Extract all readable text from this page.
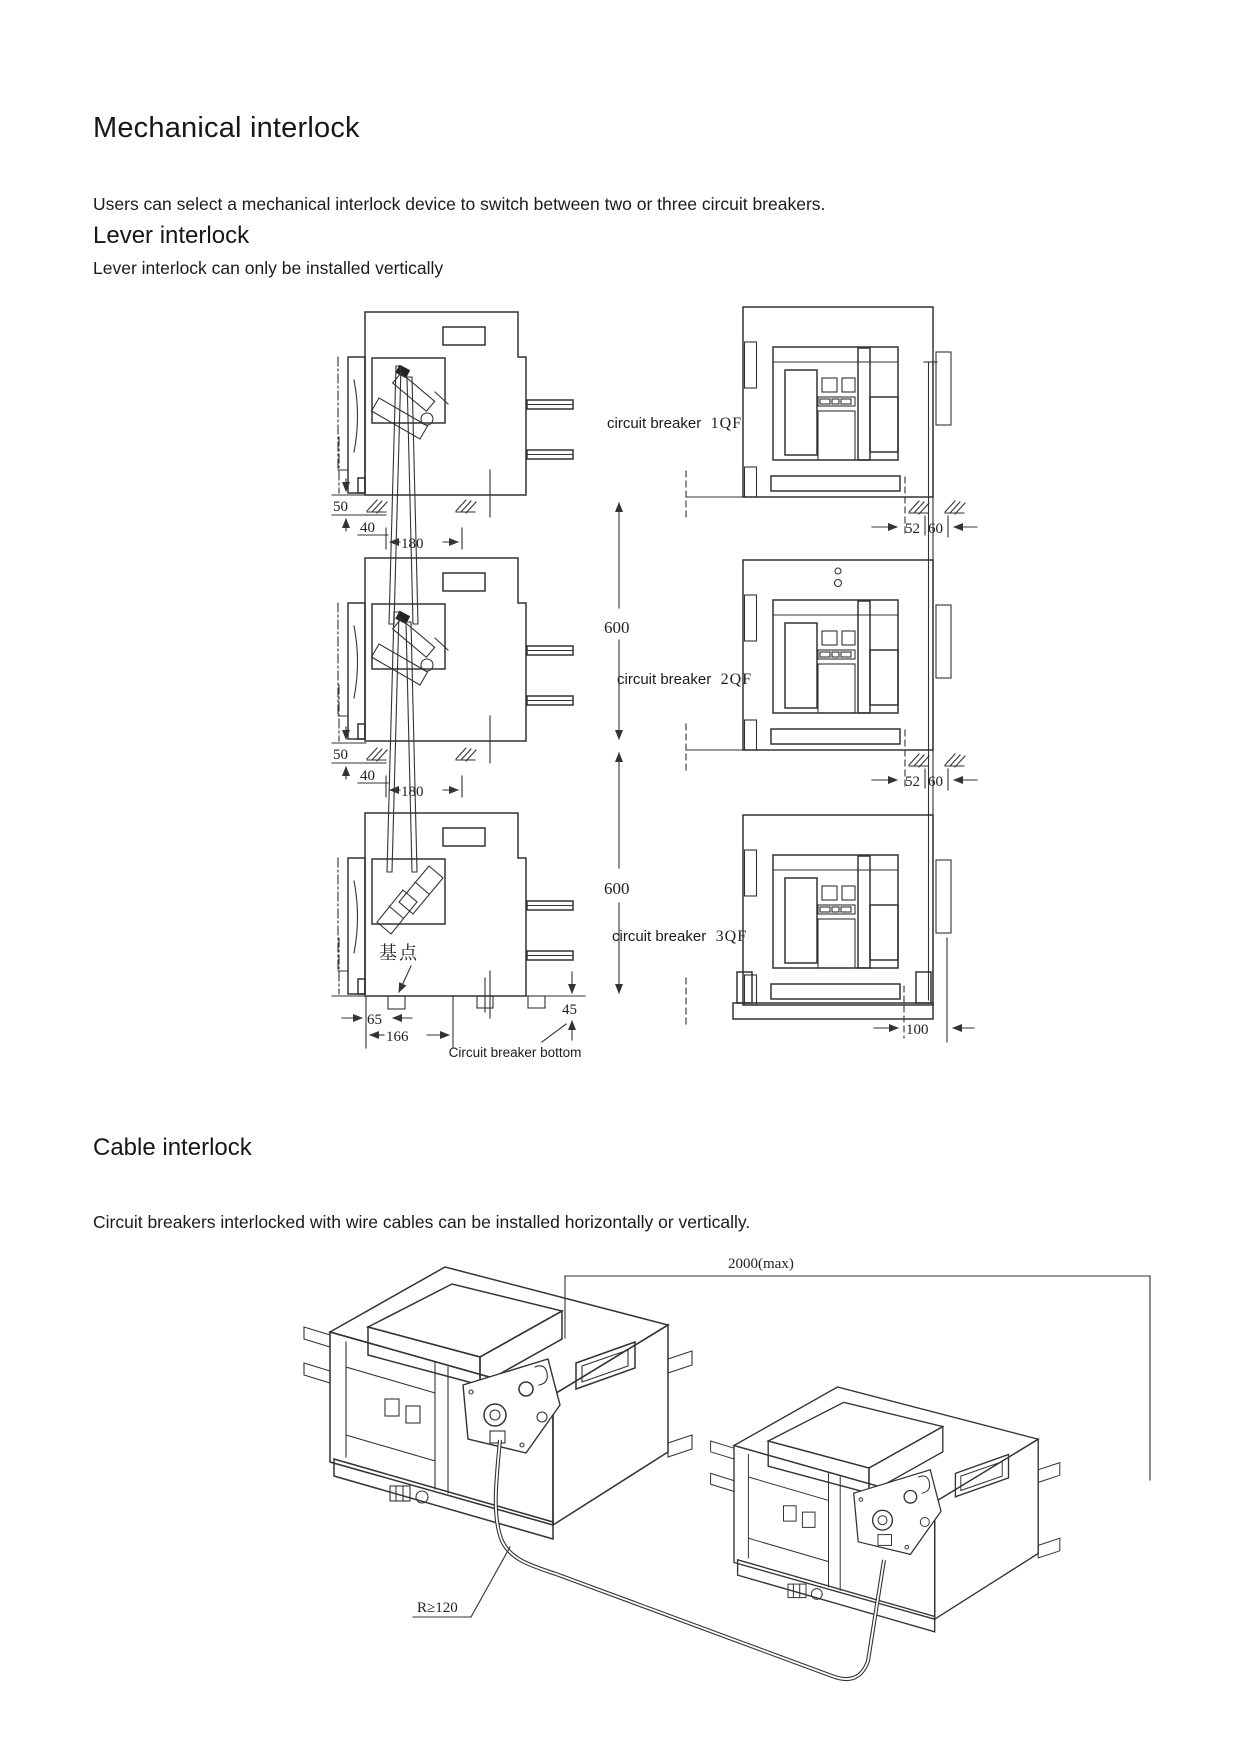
Mechanical interlock

Users can select a mechanical interlock device to switch between two or three circuit breakers.

Lever interlock

Lever interlock can only be installed vertically

Cable interlock

Circuit breakers interlocked with wire cables can be installed horizontally or vertically.

50
40
180
52 60
100
600
600
circuit breaker 1QF
circuit breaker 2QF
circuit breaker 3QF
基点
65
166
45
Circuit breaker bottom
2000(max)
R≥120
